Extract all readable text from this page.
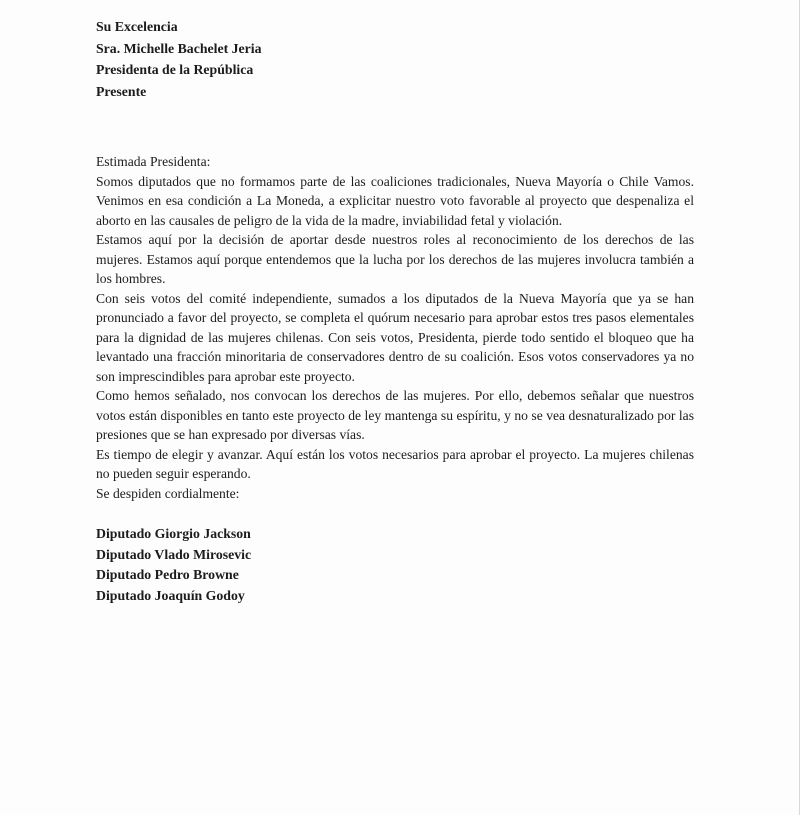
Su Excelencia
Sra. Michelle Bachelet Jeria
Presidenta de la República
Presente

Estimada Presidenta:

Somos diputados que no formamos parte de las coaliciones tradicionales, Nueva Mayoría o Chile Vamos. Venimos en esa condición a La Moneda, a explicitar nuestro voto favorable al proyecto que despenaliza el aborto en las causales de peligro de la vida de la madre, inviabilidad fetal y violación.

Estamos aquí por la decisión de aportar desde nuestros roles al reconocimiento de los derechos de las mujeres. Estamos aquí porque entendemos que la lucha por los derechos de las mujeres involucra también a los hombres.

Con seis votos del comité independiente, sumados a los diputados de la Nueva Mayoría que ya se han pronunciado a favor del proyecto, se completa el quórum necesario para aprobar estos tres pasos elementales para la dignidad de las mujeres chilenas. Con seis votos, Presidenta, pierde todo sentido el bloqueo que ha levantado una fracción minoritaria de conservadores dentro de su coalición. Esos votos conservadores ya no son imprescindibles para aprobar este proyecto.

Como hemos señalado, nos convocan los derechos de las mujeres. Por ello, debemos señalar que nuestros votos están disponibles en tanto este proyecto de ley mantenga su espíritu, y no se vea desnaturalizado por las presiones que se han expresado por diversas vías.

Es tiempo de elegir y avanzar. Aquí están los votos necesarios para aprobar el proyecto. La mujeres chilenas no pueden seguir esperando.

Se despiden cordialmente:

Diputado Giorgio Jackson
Diputado Vlado Mirosevic
Diputado Pedro Browne
Diputado Joaquín Godoy
